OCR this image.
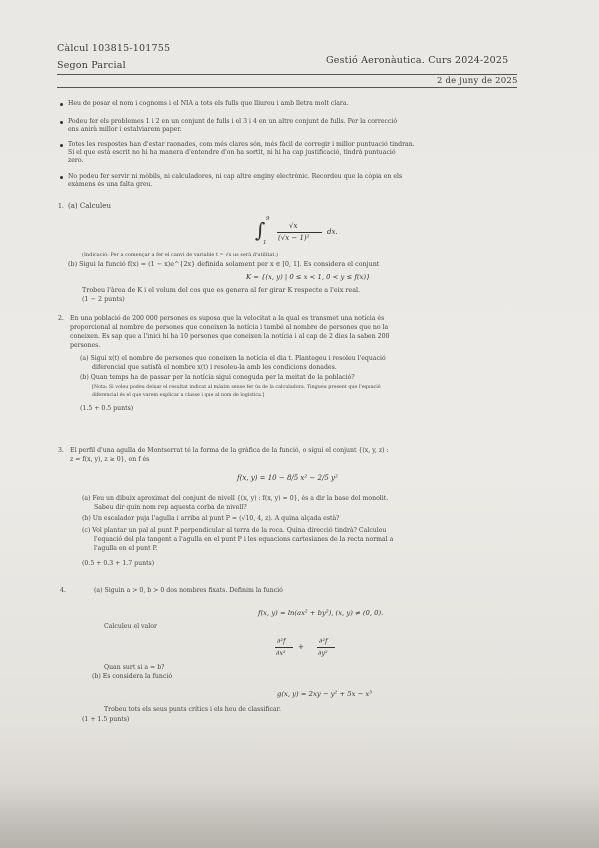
Càlcul 103815-101755
Segon Parcial	Gestió Aeronàutica. Curs 2024-2025
2 de juny de 2025
Heu de posar el nom i cognoms i el NIA a tots els fulls que lliureu i amb lletra molt clara.
Podeu fer els problemes 1 i 2 en un conjunt de fulls i el 3 i 4 en un altre conjunt de fulls. Per la correcció
ens anirà millor i estalviarem paper.
Totes les respostes han d'estar raonades, com més clares són, més fàcil de corregir i millor puntuació tindran.
Si el que està escrit no hi ha manera d'entendre d'on ha sortit, ni hi ha cap justificació, tindrà puntuació
zero.
No podeu fer servir ni mòbils, ni calculadores, ni cap altre enginy electrònic. Recordeu que la còpia en els
exàmens és una falta greu.
1. (a) Calculeu
∫ 9
1
√x
(√x − 1)²
dx.
(Indicació: Per a començar a fer el canvi de variable t = √x us serà d'utilitat.)
(b) Sigui la funció f(x) = (1 − x)e^{2x} definida solament per x ∈ [0, 1]. Es considera el conjunt
K = {(x, y) | 0 ≤ x < 1, 0 < y ≤ f(x)}
Trobeu l'àrea de K i el volum del cos que es genera al fer girar K respecte a l'eix real.
(1 − 2 punts)
2. En una població de 200 000 persones es suposa que la velocitat a la qual es transmet una notícia és
proporcional al nombre de persones que coneixen la notícia i també al nombre de persones que no la
coneixen. Es sap que a l'inici hi ha 10 persones que coneixen la notícia i al cap de 2 dies la saben 200
persones.
(a) Sigui x(t) el nombre de persones que coneixen la notícia el dia t. Plantegeu i resoleu l'equació
diferencial que satisfà el nombre x(t) i resoleu-la amb les condicions donades.
(b) Quan temps ha de passar per la notícia sigui coneguda per la meitat de la població?
[Nota: Si voleu podeu deixar el resultat indicat al màxim sense fer ús de la calculadora. Tingueu present que l'equació
diferencial és el que varem explicar a classe i que al nom de logística.]
(1.5 + 0.5 punts)
3. El perfil d'una agulla de Montserrat té la forma de la gràfica de la funció, o sigui el conjunt {(x, y, z) :
z = f(x, y), z ≥ 0}, on f és
f(x, y) = 10 − 8/5 x² − 2/5 y²
(a) Feu un dibuix aproximat del conjunt de nivell {(x, y) : f(x, y) = 0}, és a dir la base del monolit.
Sabeu dir quin nom rep aquesta corba de nivell?
(b) Un escalador puja l'agulla i arriba al punt P = (√10, 4, z). A quina alçada està?
(c) Vol plantar un pal al punt P perpendicular al terra de la roca. Quina direcció tindrà? Calculeu
l'equació del pla tangent a l'agulla en el punt P i les equacions cartesianes de la recta normal a
l'agulla en el punt P.
(0.5 + 0.3 + 1.7 punts)
4.	(a) Siguin a > 0, b > 0 dos nombres fixats. Definim la funció
f(x, y) = ln(ax² + by²), (x, y) ≠ (0, 0).
Calculeu el valor
∂²f
∂x²
+
∂²f
∂y²
Quan surt si a = b?
(b) Es considera la funció
g(x, y) = 2xy − y² + 5x − x³
Trobeu tots els seus punts crítics i els heu de classificar.
(1 + 1.5 punts)
